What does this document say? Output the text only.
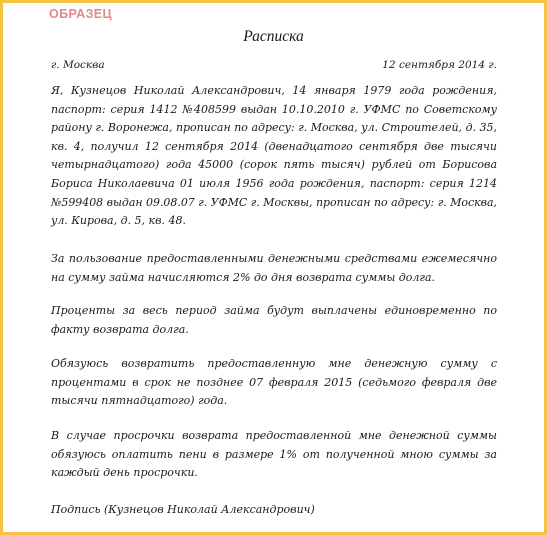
ОБРАЗЕЦ
Расписка
г. Москва	12 сентября 2014 г.
Я, Кузнецов Николай Александрович, 14 января 1979 года рождения,
паспорт: серия 1412 №408599 выдан 10.10.2010 г. УФМС по Советскому
району г. Воронежа, прописан по адресу: г. Москва, ул. Строителей, д. 35,
кв. 4, получил 12 сентября 2014 (двенадцатого сентября две тысячи
четырнадцатого) года 45000 (сорок пять тысяч) рублей от Борисова
Бориса Николаевича 01 июля 1956 года рождения, паспорт: серия 1214
№599408 выдан 09.08.07 г. УФМС г. Москвы, прописан по адресу: г. Москва,
ул. Кирова, д. 5, кв. 48.
За пользование предоставленными денежными средствами ежемесячно
на сумму займа начисляются 2% до дня возврата суммы долга.
Проценты за весь период займа будут выплачены единовременно по
факту возврата долга.
Обязуюсь возвратить предоставленную мне денежную сумму с
процентами в срок не позднее 07 февраля 2015 (седьмого февраля две
тысячи пятнадцатого) года.
В случае просрочки возврата предоставленной мне денежной суммы
обязуюсь оплатить пени в размере 1% от полученной мною суммы за
каждый день просрочки.
Подпись (Кузнецов Николай Александрович)
